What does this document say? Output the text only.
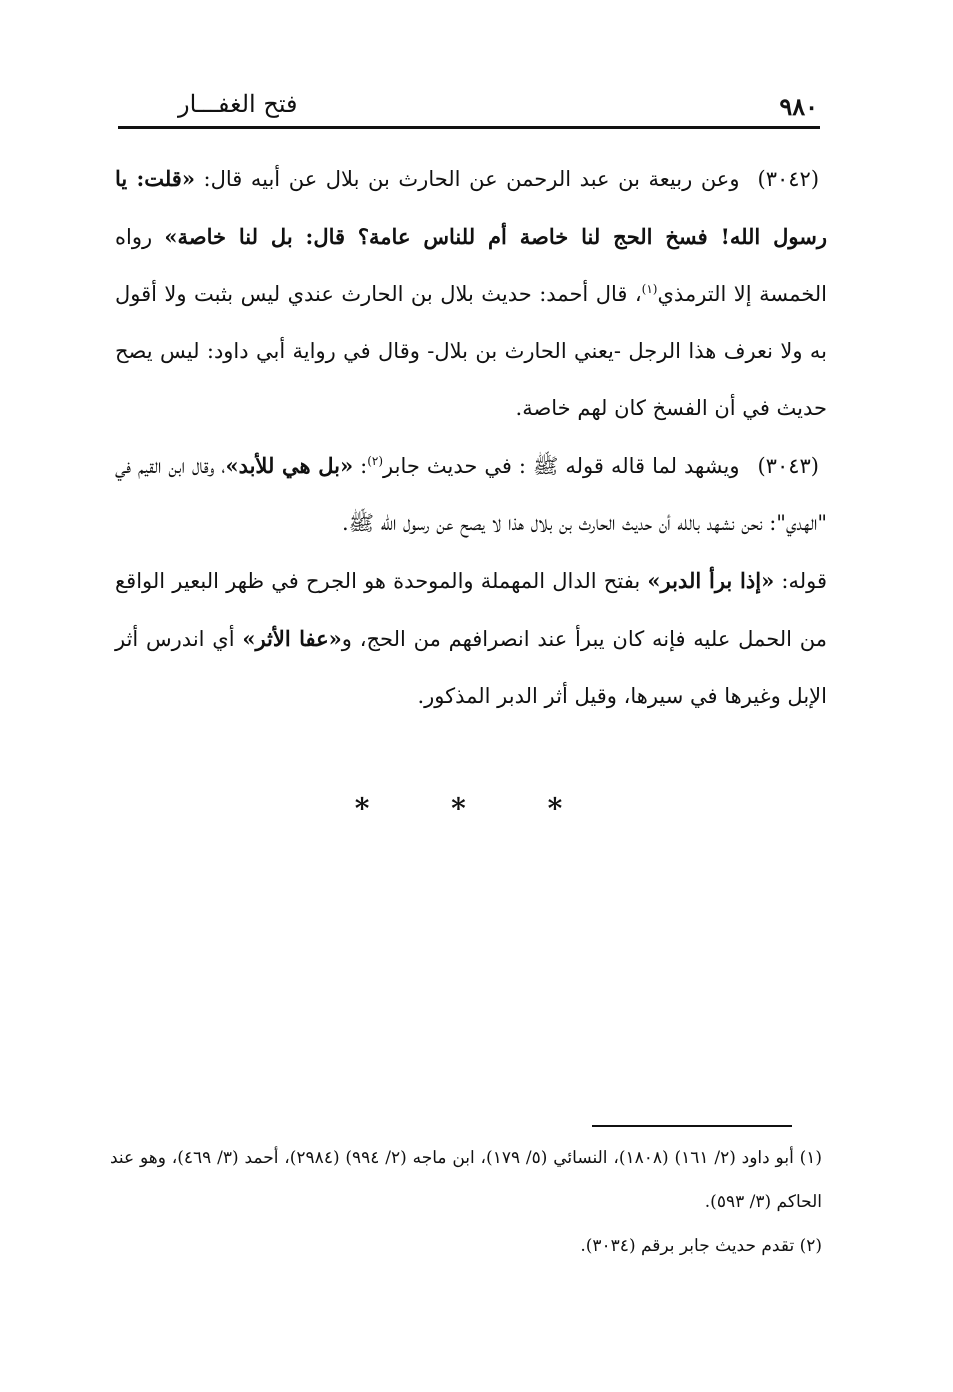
٩٨٠
فتح الغفـــار

(٣٠٤٢)وعن ربيعة بن عبد الرحمن عن الحارث بن بلال عن أبيه قال: «قلت: يا رسول الله! فسخ الحج لنا خاصة أم للناس عامة؟ قال: بل لنا خاصة» رواه الخمسة إلا الترمذي$^{(١)}$، قال أحمد: حديث بلال بن الحارث عندي ليس بثبت ولا أقول به ولا نعرف هذا الرجل -يعني الحارث بن بلال- وقال في رواية أبي داود: ليس يصح حديث في أن الفسخ كان لهم خاصة.

(٣٠٤٣)ويشهد لما قاله قوله ﷺ : في حديث جابر$^{(٢)}$: «بل هي للأبد»، وقال ابن القيم في "الهدي": نحن نشهد بالله أن حديث الحارث بن بلال هذا لا يصح عن رسول الله ﷺ.

قوله: «إذا برأ الدبر» بفتح الدال المهملة والموحدة هو الجرح في ظهر البعير الواقع من الحمل عليه فإنه كان يبرأ عند انصرافهم من الحج، و«عفا الأثر» أي اندرس أثر الإبل وغيرها في سيرها، وقيل أثر الدبر المذكور.

* * *

(١) أبو داود (٢/ ١٦١) (١٨٠٨)، النسائي (٥/ ١٧٩)، ابن ماجه (٢/ ٩٩٤) (٢٩٨٤)، أحمد (٣/ ٤٦٩)، وهو عند الحاكم (٣/ ٥٩٣).

(٢) تقدم حديث جابر برقم (٣٠٣٤).
